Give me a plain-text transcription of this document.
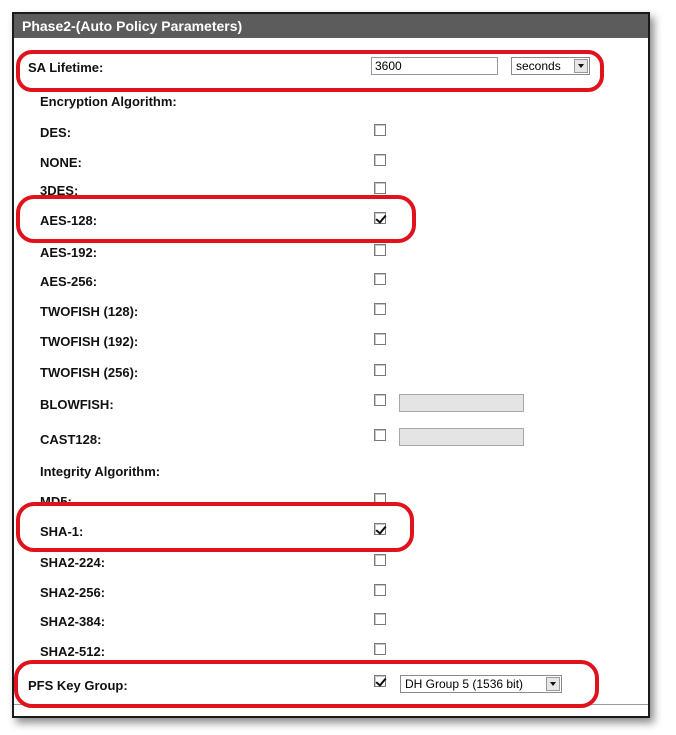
Phase2-(Auto Policy Parameters)
SA Lifetime:	3600	seconds
Encryption Algorithm:
DES:
NONE:
3DES:
AES-128:
AES-192:
AES-256:
TWOFISH (128):
TWOFISH (192):
TWOFISH (256):
BLOWFISH:
CAST128:
Integrity Algorithm:
MD5:
SHA-1:
SHA2-224:
SHA2-256:
SHA2-384:
SHA2-512:
PFS Key Group:	DH Group 5 (1536 bit)
